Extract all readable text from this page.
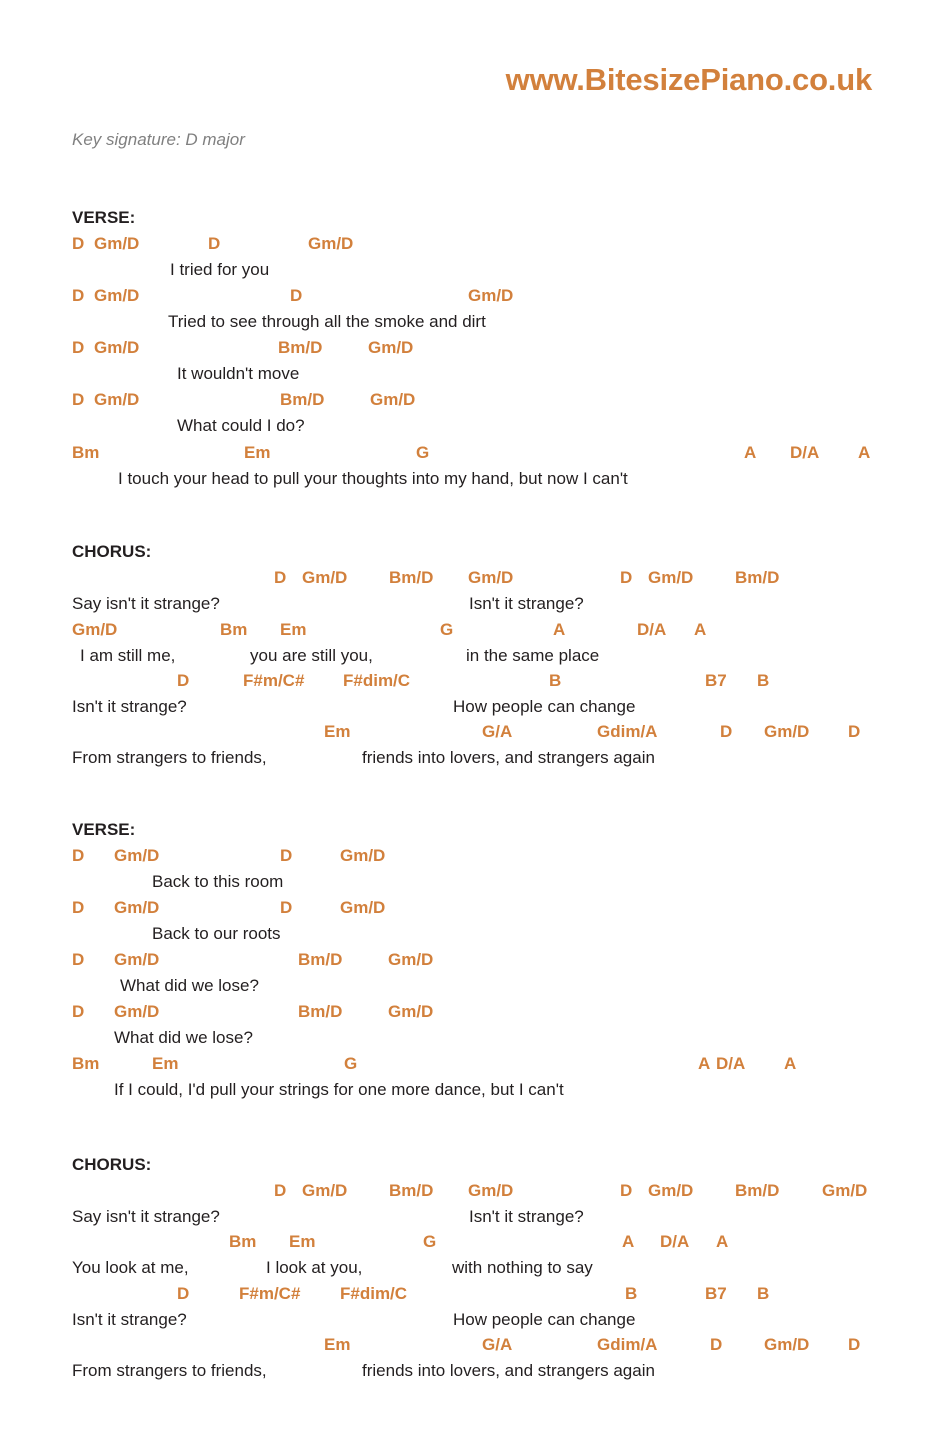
www.BitesizePiano.co.uk
Key signature: D major
VERSE:
D Gm/D	D	Gm/D
I tried for you
D Gm/D	D	Gm/D
Tried to see through all the smoke and dirt
D Gm/D	Bm/D	Gm/D
It wouldn't move
D Gm/D	Bm/D	Gm/D
What could I do?
Bm	Em	G	A D/A A
I touch your head to pull your thoughts into my hand, but now I can't
CHORUS:
D Gm/D Bm/D Gm/D	D Gm/D Bm/D
Say isn't it strange?	Isn't it strange?
Gm/D	Bm Em	G	A	D/A A
I am still me,	you are still you,	in the same place
D	F#m/C# F#dim/C	B	B7 B
Isn't it strange?	How people can change
Em	G/A	Gdim/A	D Gm/D D
From strangers to friends,	friends into lovers, and strangers again
VERSE:
D Gm/D	D	Gm/D
Back to this room
D Gm/D	D	Gm/D
Back to our roots
D Gm/D	Bm/D	Gm/D
What did we lose?
D Gm/D	Bm/D	Gm/D
What did we lose?
Bm	Em	G	A D/A A
If I could, I'd pull your strings for one more dance, but I can't
CHORUS:
D Gm/D Bm/D Gm/D	D Gm/D Bm/D	Gm/D
Say isn't it strange?	Isn't it strange?
Bm Em	G	A D/A A
You look at me,	I look at you,	with nothing to say
D	F#m/C# F#dim/C	B	B7 B
Isn't it strange?	How people can change
Em	G/A	Gdim/A	D Gm/D D
From strangers to friends,	friends into lovers, and strangers again
